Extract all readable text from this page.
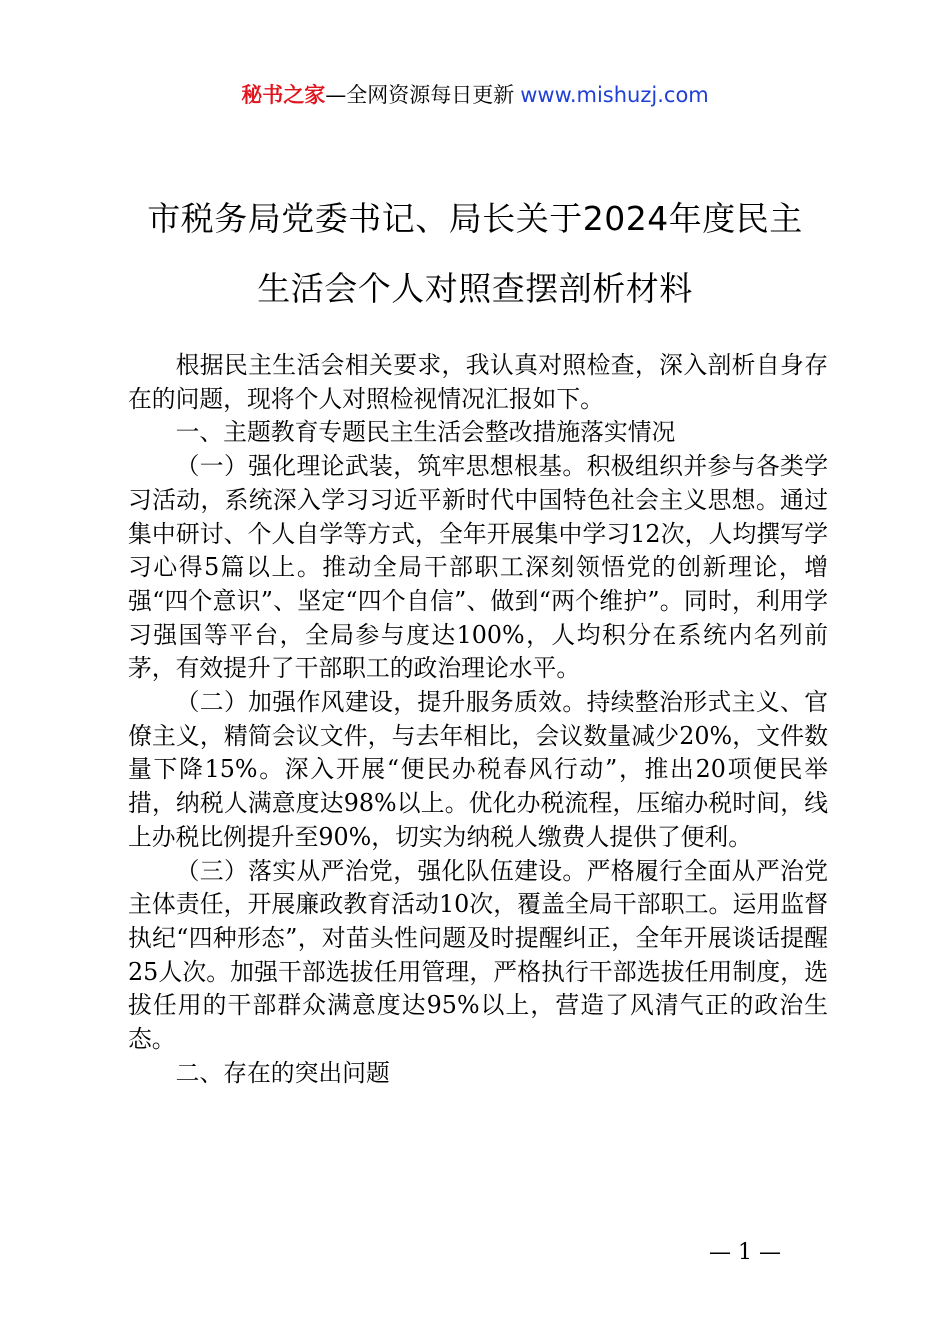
秘书之家—全网资源每日更新 www.mishuzj.com
市税务局党委书记、局长关于2024年度民主
生活会个人对照查摆剖析材料

根据民主生活会相关要求，我认真对照检查，深入剖析自身存在的问题，现将个人对照检视情况汇报如下。

一、主题教育专题民主生活会整改措施落实情况

（一）强化理论武装，筑牢思想根基。积极组织并参与各类学习活动，系统深入学习习近平新时代中国特色社会主义思想。通过集中研讨、个人自学等方式，全年开展集中学习12次，人均撰写学习心得5篇以上。推动全局干部职工深刻领悟党的创新理论，增强“四个意识”、坚定“四个自信”、做到“两个维护”。同时，利用学习强国等平台，全局参与度达100%，人均积分在系统内名列前茅，有效提升了干部职工的政治理论水平。

（二）加强作风建设，提升服务质效。持续整治形式主义、官僚主义，精简会议文件，与去年相比，会议数量减少20%，文件数量下降15%。深入开展“便民办税春风行动”，推出20项便民举措，纳税人满意度达98%以上。优化办税流程，压缩办税时间，线上办税比例提升至90%，切实为纳税人缴费人提供了便利。

（三）落实从严治党，强化队伍建设。严格履行全面从严治党主体责任，开展廉政教育活动10次，覆盖全局干部职工。运用监督执纪“四种形态”，对苗头性问题及时提醒纠正，全年开展谈话提醒25人次。加强干部选拔任用管理，严格执行干部选拔任用制度，选拔任用的干部群众满意度达95%以上，营造了风清气正的政治生态。

二、存在的突出问题

— 1 —
